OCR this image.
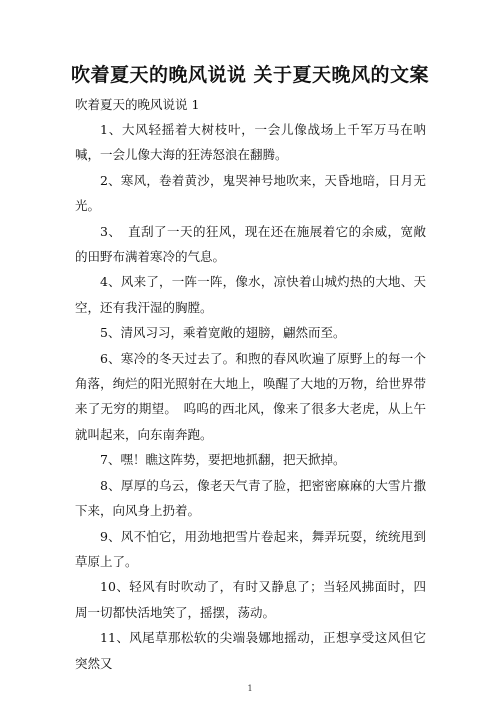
吹着夏天的晚风说说 关于夏天晚风的文案
吹着夏天的晚风说说 1

1、大风轻摇着大树枝叶，一会儿像战场上千军万马在呐喊，一会儿像大海的狂涛怒浪在翻腾。

2、寒风，卷着黄沙，鬼哭神号地吹来，天昏地暗，日月无光。

3、　直刮了一天的狂风，现在还在施展着它的余威，宽敞的田野布满着寒冷的气息。

4、风来了，一阵一阵，像水，凉快着山城灼热的大地、天空，还有我汗湿的胸膛。

5、清风习习，乘着宽敞的翅膀，翩然而至。

6、寒冷的冬天过去了。和煦的春风吹遍了原野上的每一个角落，绚烂的阳光照射在大地上，唤醒了大地的万物，给世界带来了无穷的期望。　呜呜的西北风，像来了很多大老虎，从上午就叫起来，向东南奔跑。

7、嘿！瞧这阵势，要把地抓翻，把天掀掉。

8、厚厚的乌云，像老天气青了脸，把密密麻麻的大雪片撒下来，向风身上扔着。

9、风不怕它，用劲地把雪片卷起来，舞弄玩耍，统统甩到草原上了。

10、轻风有时吹动了，有时又静息了；当轻风拂面时，四周一切都快活地笑了，摇摆，荡动。

11、风尾草那松软的尖端袅娜地摇动，正想享受这风但它突然又

1
